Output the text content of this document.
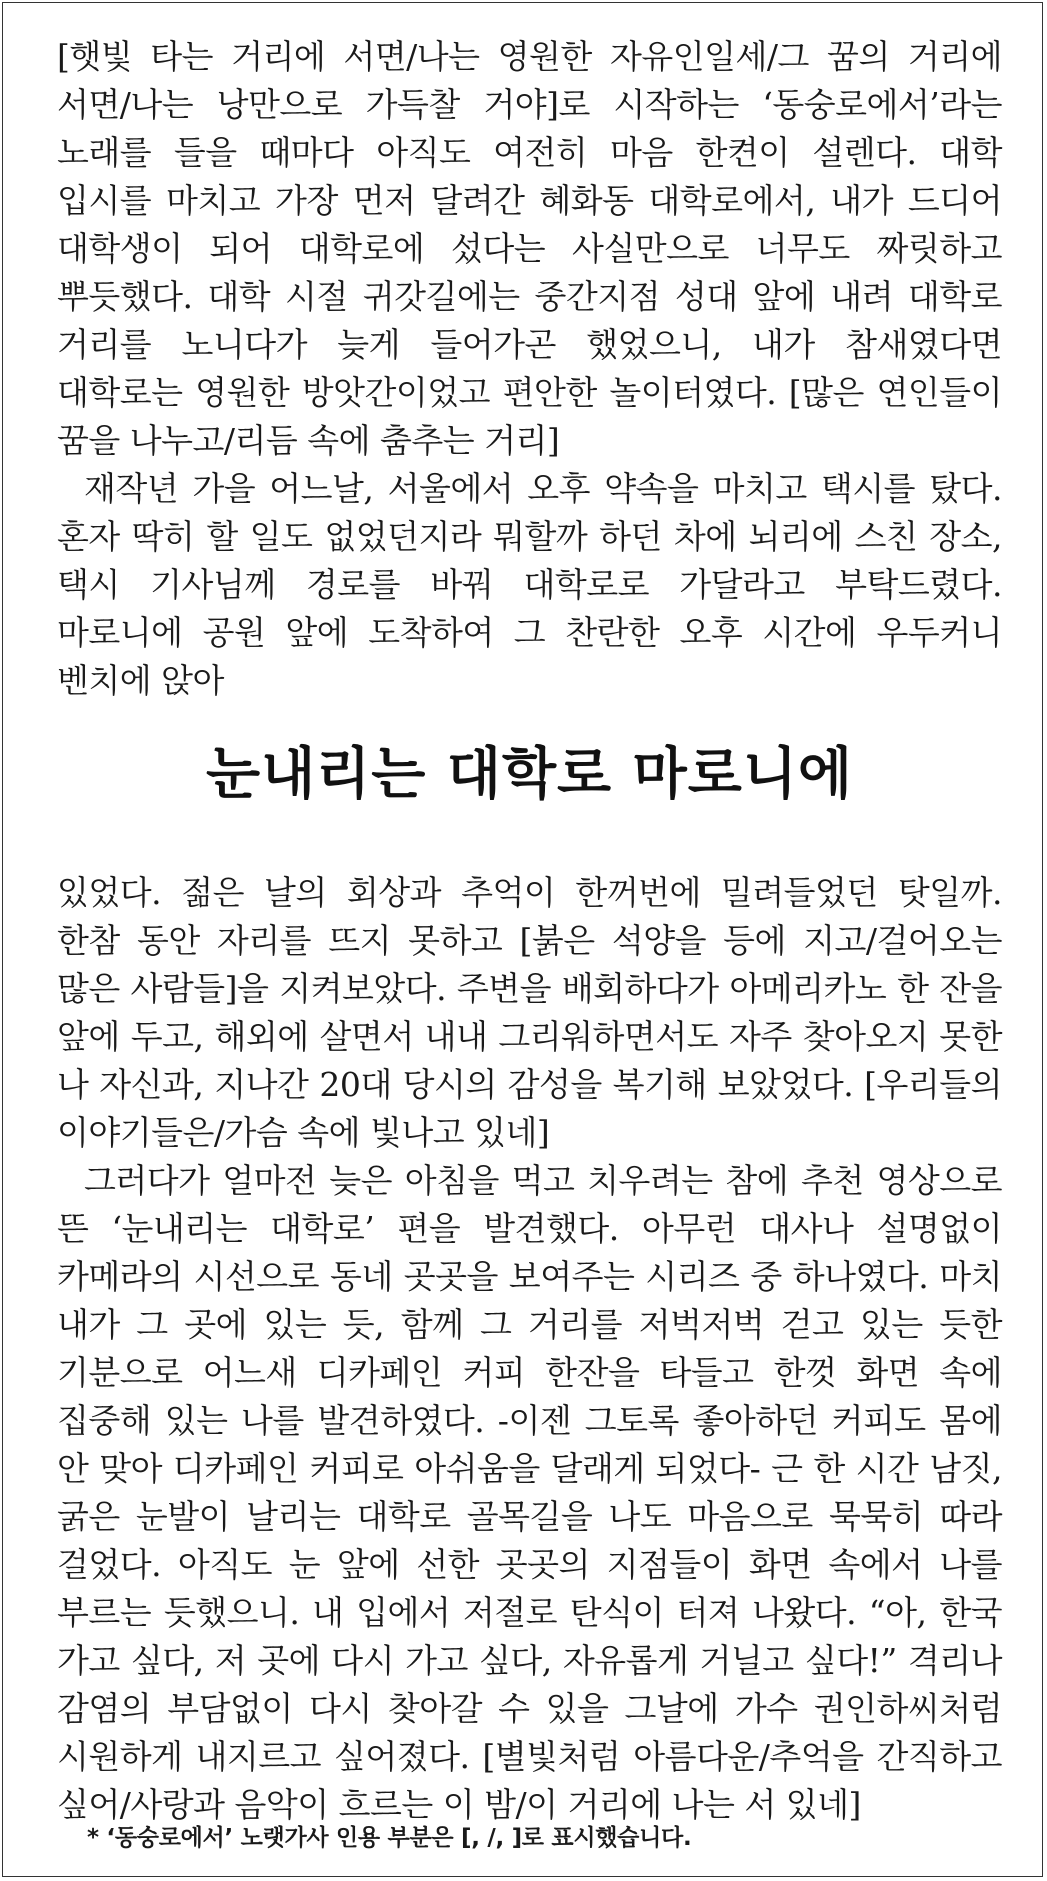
[햇빛 타는 거리에 서면/나는 영원한 자유인일세/그 꿈의 거리에 서면/나는 낭만으로 가득찰 거야]로 시작하는 ‘동숭로에서’라는 노래를 들을 때마다 아직도 여전히 마음 한켠이 설렌다. 대학 입시를 마치고 가장 먼저 달려간 혜화동 대학로에서, 내가 드디어 대학생이 되어 대학로에 섰다는 사실만으로 너무도 짜릿하고 뿌듯했다. 대학 시절 귀갓길에는 중간지점 성대 앞에 내려 대학로 거리를 노니다가 늦게 들어가곤 했었으니, 내가 참새였다면 대학로는 영원한 방앗간이었고 편안한 놀이터였다. [많은 연인들이 꿈을 나누고/리듬 속에 춤추는 거리]

재작년 가을 어느날, 서울에서 오후 약속을 마치고 택시를 탔다. 혼자 딱히 할 일도 없었던지라 뭐할까 하던 차에 뇌리에 스친 장소, 택시 기사님께 경로를 바꿔 대학로로 가달라고 부탁드렸다. 마로니에 공원 앞에 도착하여 그 찬란한 오후 시간에 우두커니 벤치에 앉아

눈내리는 대학로 마로니에

있었다. 젊은 날의 회상과 추억이 한꺼번에 밀려들었던 탓일까. 한참 동안 자리를 뜨지 못하고 [붉은 석양을 등에 지고/걸어오는 많은 사람들]을 지켜보았다. 주변을 배회하다가 아메리카노 한 잔을 앞에 두고, 해외에 살면서 내내 그리워하면서도 자주 찾아오지 못한 나 자신과, 지나간 20대 당시의 감성을 복기해 보았었다. [우리들의 이야기들은/가슴 속에 빛나고 있네]

그러다가 얼마전 늦은 아침을 먹고 치우려는 참에 추천 영상으로 뜬 ‘눈내리는 대학로’ 편을 발견했다. 아무런 대사나 설명없이 카메라의 시선으로 동네 곳곳을 보여주는 시리즈 중 하나였다. 마치 내가 그 곳에 있는 듯, 함께 그 거리를 저벅저벅 걷고 있는 듯한 기분으로 어느새 디카페인 커피 한잔을 타들고 한껏 화면 속에 집중해 있는 나를 발견하였다. -이젠 그토록 좋아하던 커피도 몸에 안 맞아 디카페인 커피로 아쉬움을 달래게 되었다- 근 한 시간 남짓, 굵은 눈발이 날리는 대학로 골목길을 나도 마음으로 묵묵히 따라 걸었다. 아직도 눈 앞에 선한 곳곳의 지점들이 화면 속에서 나를 부르는 듯했으니. 내 입에서 저절로 탄식이 터져 나왔다. “아, 한국 가고 싶다, 저 곳에 다시 가고 싶다, 자유롭게 거닐고 싶다!” 격리나 감염의 부담없이 다시 찾아갈 수 있을 그날에 가수 권인하씨처럼 시원하게 내지르고 싶어졌다. [별빛처럼 아름다운/추억을 간직하고 싶어/사랑과 음악이 흐르는 이 밤/이 거리에 나는 서 있네]

* ‘동숭로에서’ 노랫가사 인용 부분은 [, /, ]로 표시했습니다.
